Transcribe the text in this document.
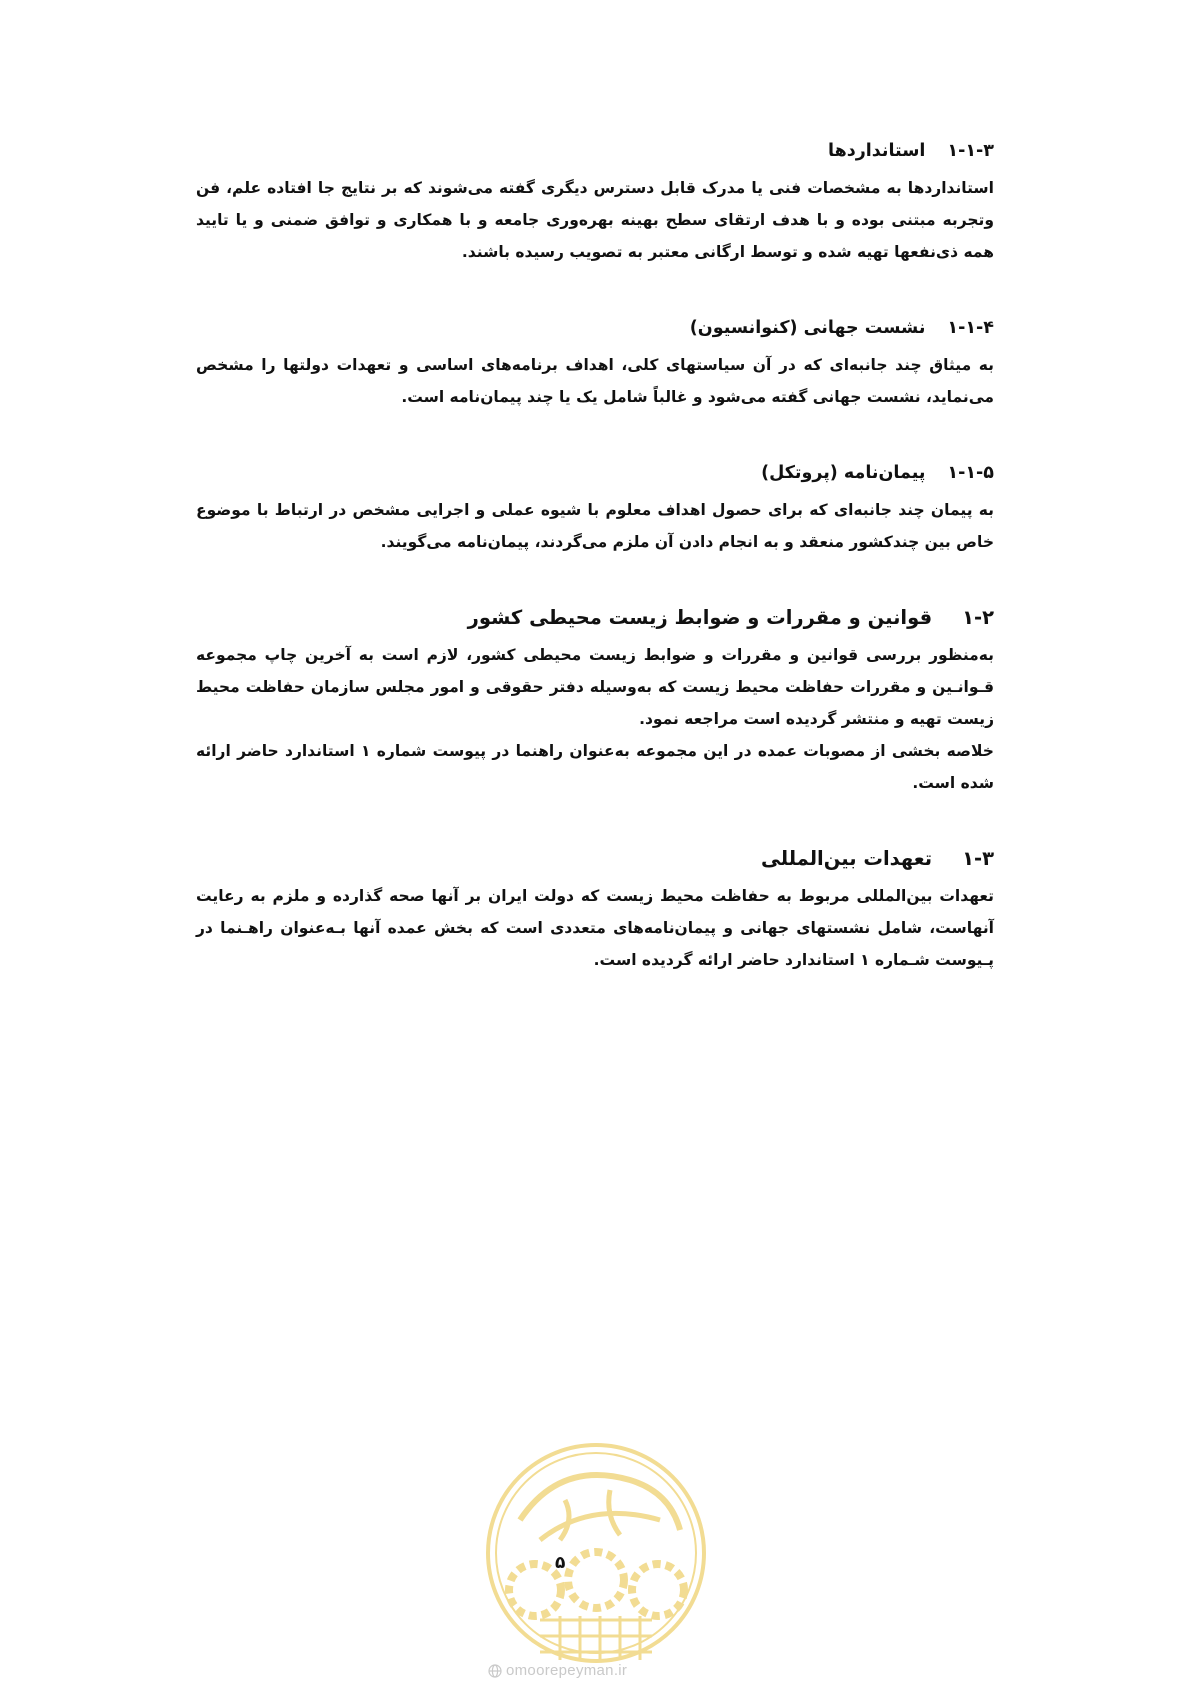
۱-۱-۳
استانداردها

استانداردها به مشخصات فنی یا مدرک قابل دسترس دیگری گفته می‌شوند که بر نتایج جا افتاده علم، فن وتجربه مبتنی بوده و با هدف ارتقای سطح بهینه بهره‌وری جامعه و با همکاری و توافق ضمنی و یا تایید همه ذی‌نفعها تهیه شده و توسط ارگانی معتبر به تصویب رسیده باشند.

۱-۱-۴
نشست جهانی (کنوانسیون)

به میثاق چند جانبه‌ای که در آن سیاستهای کلی، اهداف برنامه‌های اساسی و تعهدات دولتها را مشخص می‌نماید، نشست جهانی گفته می‌شود و غالباً شامل یک یا چند پیمان‌نامه است.

۱-۱-۵
پیمان‌نامه (پروتکل)

به پیمان چند جانبه‌ای که برای حصول اهداف معلوم با شیوه عملی و اجرایی مشخص در ارتباط با موضوع خاص بین چندکشور منعقد و به انجام دادن آن ملزم می‌گردند، پیمان‌نامه می‌گویند.

۱-۲
قوانین و مقررات و ضوابط زیست محیطی کشور

به‌منظور بررسی قوانین و مقررات و ضوابط زیست محیطی کشور، لازم است به آخرین چاپ مجموعه قـوانـین و مقررات حفاظت محیط زیست که به‌وسیله دفتر حقوقی و امور مجلس سازمان حفاظت محیط زیست تهیه و منتشر گردیده است مراجعه نمود.

خلاصه بخشی از مصوبات عمده در این مجموعه به‌عنوان راهنما در پیوست شماره ۱ استاندارد حاضر ارائه شده است.

۱-۳
تعهدات بین‌المللی

تعهدات بین‌المللی مربوط به حفاظت محیط زیست که دولت ایران بر آنها صحه گذارده و ملزم به رعایت آنهاست، شامل نشستهای جهانی و پیمان‌نامه‌های متعددی است که بخش عمده آنها بـه‌عنوان راهـنما در پـیوست شـماره ۱ استاندارد حاضر ارائه گردیده است.

۵
omoorepeyman.ir
